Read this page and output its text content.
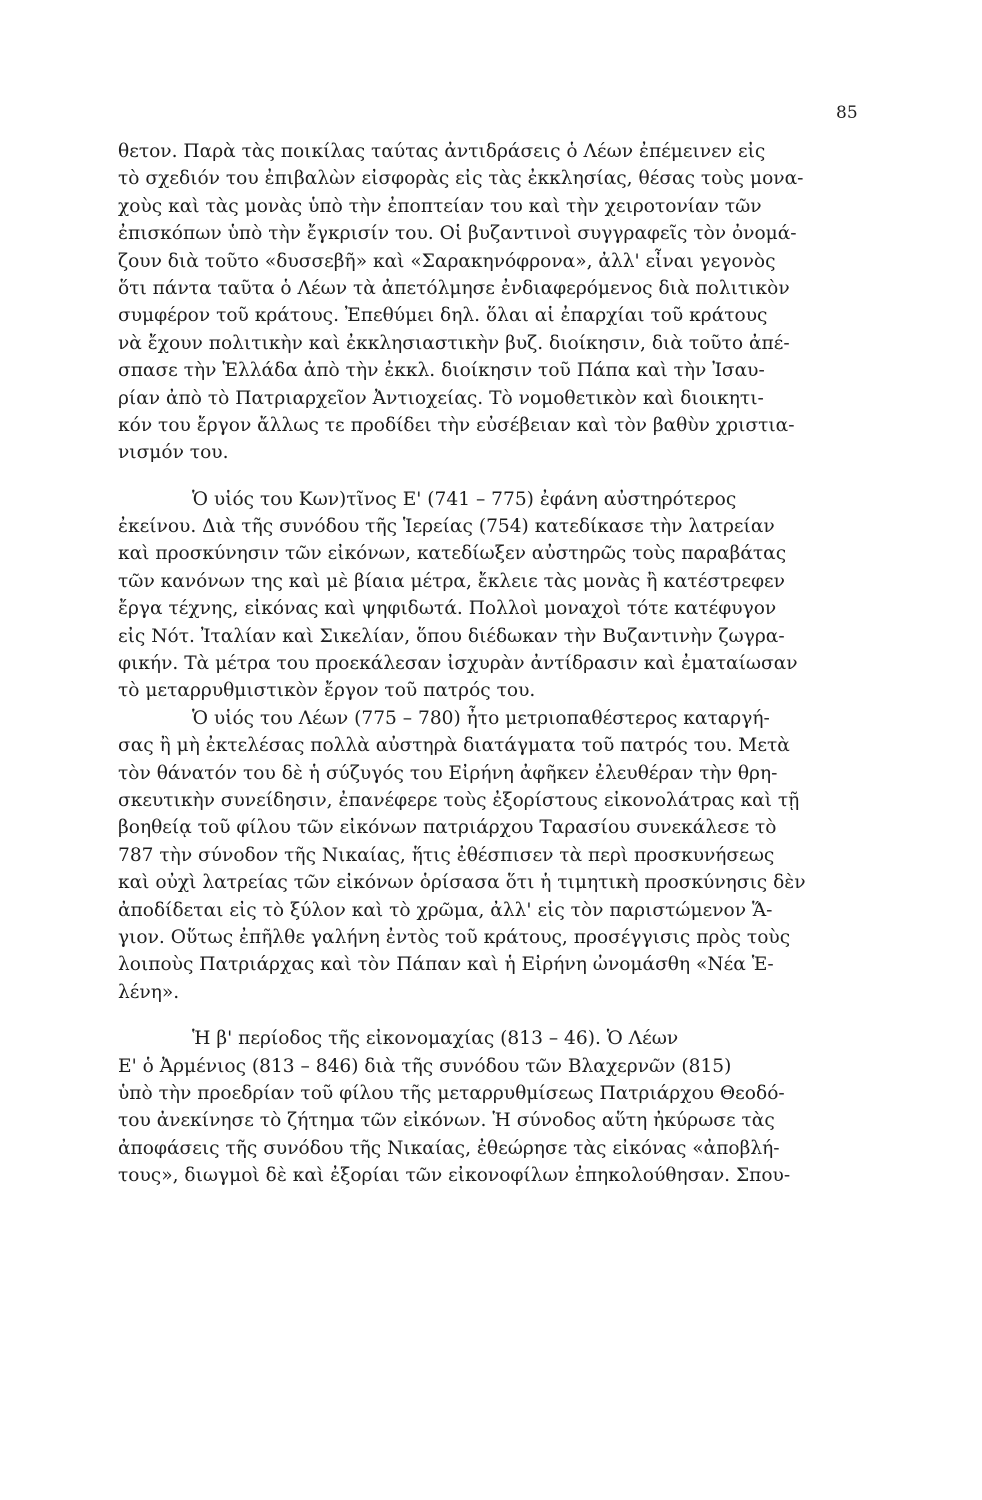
85
θετον. Παρὰ τὰς ποικίλας ταύτας ἀντιδράσεις ὁ Λέων ἐπέμεινεν εἰς
τὸ σχεδιόν του ἐπιβαλὼν εἰσφορὰς εἰς τὰς ἐκκλησίας, θέσας τοὺς μονα-
χοὺς καὶ τὰς μονὰς ὑπὸ τὴν ἐποπτείαν του καὶ τὴν χειροτονίαν τῶν
ἐπισκόπων ὑπὸ τὴν ἔγκρισίν του. Οἱ βυζαντινοὶ συγγραφεῖς τὸν ὀνομά-
ζουν διὰ τοῦτο «δυσσεβῆ» καὶ «Σαρακηνόφρονα», ἀλλ' εἶναι γεγονὸς
ὅτι πάντα ταῦτα ὁ Λέων τὰ ἀπετόλμησε ἐνδιαφερόμενος διὰ πολιτικὸν
συμφέρον τοῦ κράτους. Ἐπεθύμει δηλ. ὅλαι αἱ ἐπαρχίαι τοῦ κράτους
νὰ ἔχουν πολιτικὴν καὶ ἐκκλησιαστικὴν βυζ. διοίκησιν, διὰ τοῦτο ἀπέ-
σπασε τὴν Ἑλλάδα ἀπὸ τὴν ἐκκλ. διοίκησιν τοῦ Πάπα καὶ τὴν Ἰσαυ-
ρίαν ἀπὸ τὸ Πατριαρχεῖον Ἀντιοχείας. Τὸ νομοθετικὸν καὶ διοικητι-
κόν του ἔργον ἄλλως τε προδίδει τὴν εὐσέβειαν καὶ τὸν βαθὺν χριστια-
νισμόν του.
Ὁ υἱός του Κων)τῖνος Ε' (741 – 775) ἐφάνη αὐστηρότερος
ἐκείνου. Διὰ τῆς συνόδου τῆς Ἱερείας (754) κατεδίκασε τὴν λατρείαν
καὶ προσκύνησιν τῶν εἰκόνων, κατεδίωξεν αὐστηρῶς τοὺς παραβάτας
τῶν κανόνων της καὶ μὲ βίαια μέτρα, ἔκλειε τὰς μονὰς ἢ κατέστρεφεν
ἔργα τέχνης, εἰκόνας καὶ ψηφιδωτά. Πολλοὶ μοναχοὶ τότε κατέφυγον
εἰς Νότ. Ἰταλίαν καὶ Σικελίαν, ὅπου διέδωκαν τὴν Βυζαντινὴν ζωγρα-
φικήν. Τὰ μέτρα του προεκάλεσαν ἰσχυρὰν ἀντίδρασιν καὶ ἐματαίωσαν
τὸ μεταρρυθμιστικὸν ἔργον τοῦ πατρός του.
Ὁ υἱός του Λέων (775 – 780) ἦτο μετριοπαθέστερος καταργή-
σας ἢ μὴ ἐκτελέσας πολλὰ αὐστηρὰ διατάγματα τοῦ πατρός του. Μετὰ
τὸν θάνατόν του δὲ ἡ σύζυγός του Εἰρήνη ἀφῆκεν ἐλευθέραν τὴν θρη-
σκευτικὴν συνείδησιν, ἐπανέφερε τοὺς ἐξορίστους εἰκονολάτρας καὶ τῇ
βοηθείᾳ τοῦ φίλου τῶν εἰκόνων πατριάρχου Ταρασίου συνεκάλεσε τὸ
787 τὴν σύνοδον τῆς Νικαίας, ἥτις ἐθέσπισεν τὰ περὶ προσκυνήσεως
καὶ οὐχὶ λατρείας τῶν εἰκόνων ὁρίσασα ὅτι ἡ τιμητικὴ προσκύνησις δὲν
ἀποδίδεται εἰς τὸ ξύλον καὶ τὸ χρῶμα, ἀλλ' εἰς τὸν παριστώμενον Ἅ-
γιον. Οὕτως ἐπῆλθε γαλήνη ἐντὸς τοῦ κράτους, προσέγγισις πρὸς τοὺς
λοιποὺς Πατριάρχας καὶ τὸν Πάπαν καὶ ἡ Εἰρήνη ὠνομάσθη «Νέα Ἑ-
λένη».
Ἡ β' περίοδος τῆς εἰκονομαχίας (813 – 46). Ὁ Λέων
Ε' ὁ Ἀρμένιος (813 – 846) διὰ τῆς συνόδου τῶν Βλαχερνῶν (815)
ὑπὸ τὴν προεδρίαν τοῦ φίλου τῆς μεταρρυθμίσεως Πατριάρχου Θεοδό-
του ἀνεκίνησε τὸ ζήτημα τῶν εἰκόνων. Ἡ σύνοδος αὕτη ἠκύρωσε τὰς
ἀποφάσεις τῆς συνόδου τῆς Νικαίας, ἐθεώρησε τὰς εἰκόνας «ἀποβλή-
τους», διωγμοὶ δὲ καὶ ἐξορίαι τῶν εἰκονοφίλων ἐπηκολούθησαν. Σπου-
